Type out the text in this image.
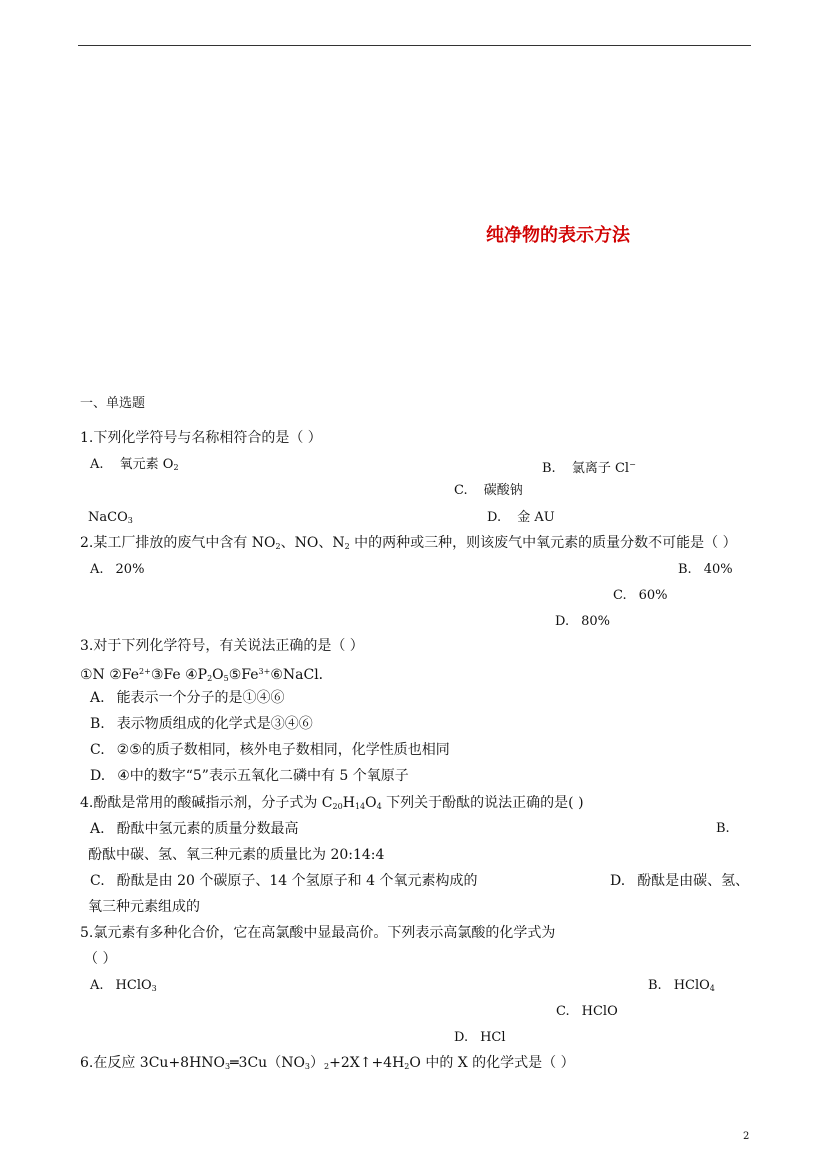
纯净物的表示方法
一、单选题
1.下列化学符号与名称相符合的是（ ）
A. 氧元素 $O_2$	B. 氯离子 Cl−
C. 碳酸钠
NaCO$_3$	D. 金 AU
2.某工厂排放的废气中含有 $NO_2$、NO、$N_2$ 中的两种或三种，则该废气中氧元素的质量分数不可能是（ ）
A. 20%	B. 40%
C. 60%
D. 80%
3.对于下列化学符号，有关说法正确的是（ ）
①N $②Fe^{2+}③Fe$ $④P_2O_5⑤Fe^{3+}⑥NaCl$．
A. 能表示一个分子的是①④⑥
B. 表示物质组成的化学式是③④⑥
C. ②⑤的质子数相同，核外电子数相同，化学性质也相同
D. ④中的数字“5”表示五氧化二磷中有 5 个氧原子
4.酚酞是常用的酸碱指示剂，分子式为 $C_{20}H_{14}O_4$ 下列关于酚酞的说法正确的是( )
A. 酚酞中氢元素的质量分数最高	B.
酚酞中碳、氢、氧三种元素的质量比为 20:14:4
C. 酚酞是由 20 个碳原子、14 个氢原子和 4 个氧元素构成的	D. 酚酞是由碳、氢、
氧三种元素组成的
5.氯元素有多种化合价，它在高氯酸中显最高价。下列表示高氯酸的化学式为
（ ）
A. HClO$_3$	B. HClO$_4$
C. HClO
D. HCl
6.在反应 $3Cu+8HNO_3═3Cu(NO_3)_2+2X↑+4H_2O$ 中的 X 的化学式是（ ）
2
